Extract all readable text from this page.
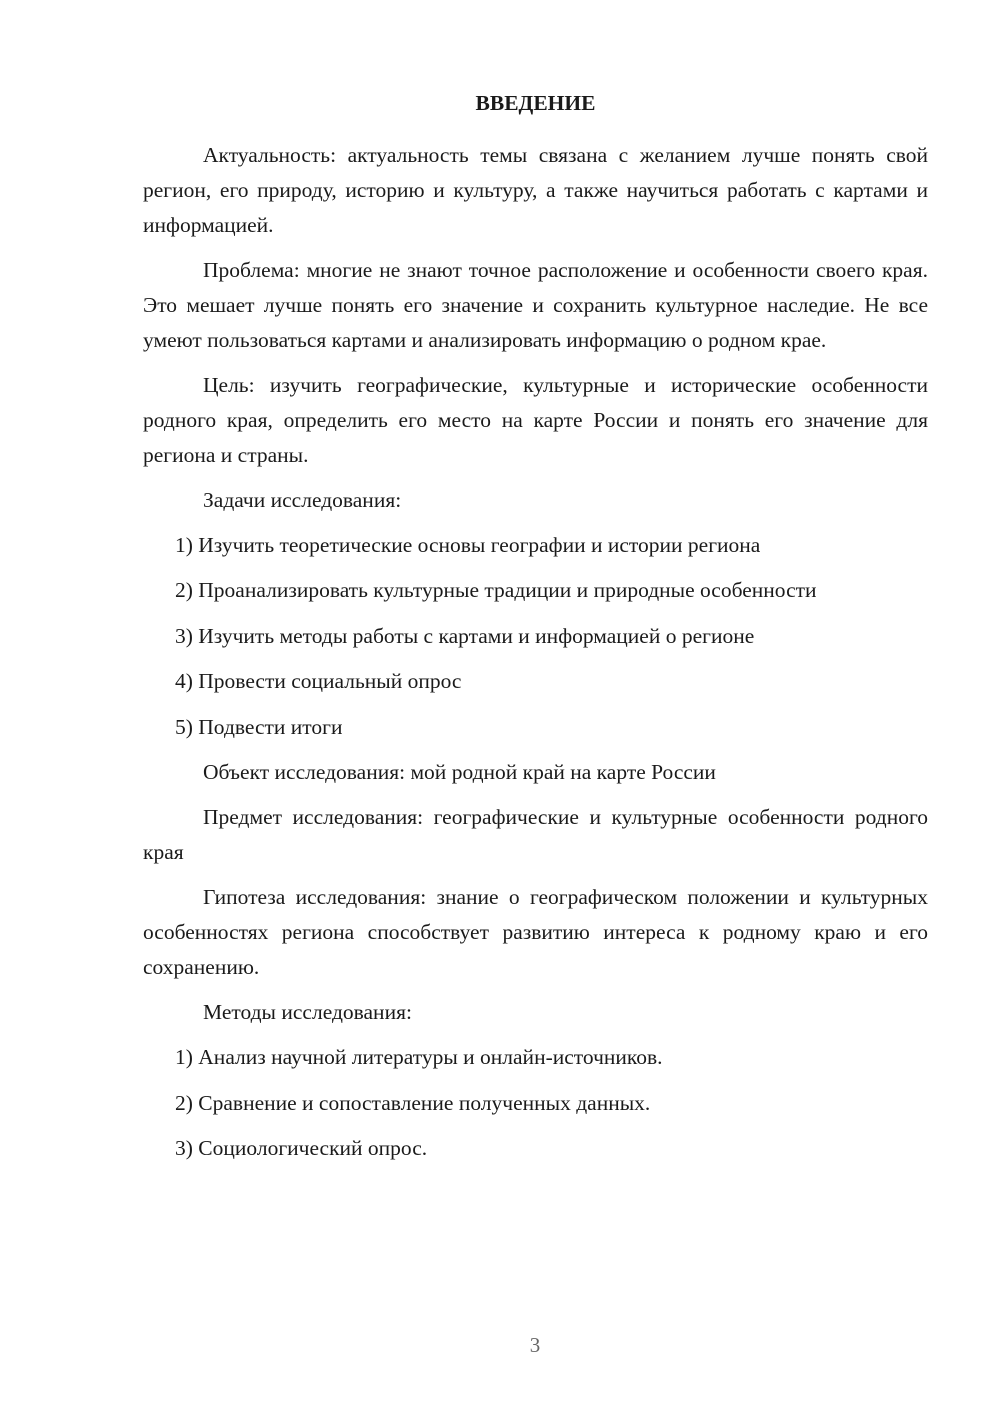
ВВЕДЕНИЕ

Актуальность: актуальность темы связана с желанием лучше понять свой регион, его природу, историю и культуру, а также научиться работать с картами и информацией.

Проблема: многие не знают точное расположение и особенности своего края. Это мешает лучше понять его значение и сохранить культурное наследие. Не все умеют пользоваться картами и анализировать информацию о родном крае.

Цель: изучить географические, культурные и исторические особенности родного края, определить его место на карте России и понять его значение для региона и страны.

Задачи исследования:

1) Изучить теоретические основы географии и истории региона
2) Проанализировать культурные традиции и природные особенности
3) Изучить методы работы с картами и информацией о регионе
4) Провести социальный опрос
5) Подвести итоги

Объект исследования: мой родной край на карте России

Предмет исследования: географические и культурные особенности родного края

Гипотеза исследования: знание о географическом положении и культурных особенностях региона способствует развитию интереса к родному краю и его сохранению.

Методы исследования:

1) Анализ научной литературы и онлайн-источников.
2) Сравнение и сопоставление полученных данных.
3) Социологический опрос.
3
